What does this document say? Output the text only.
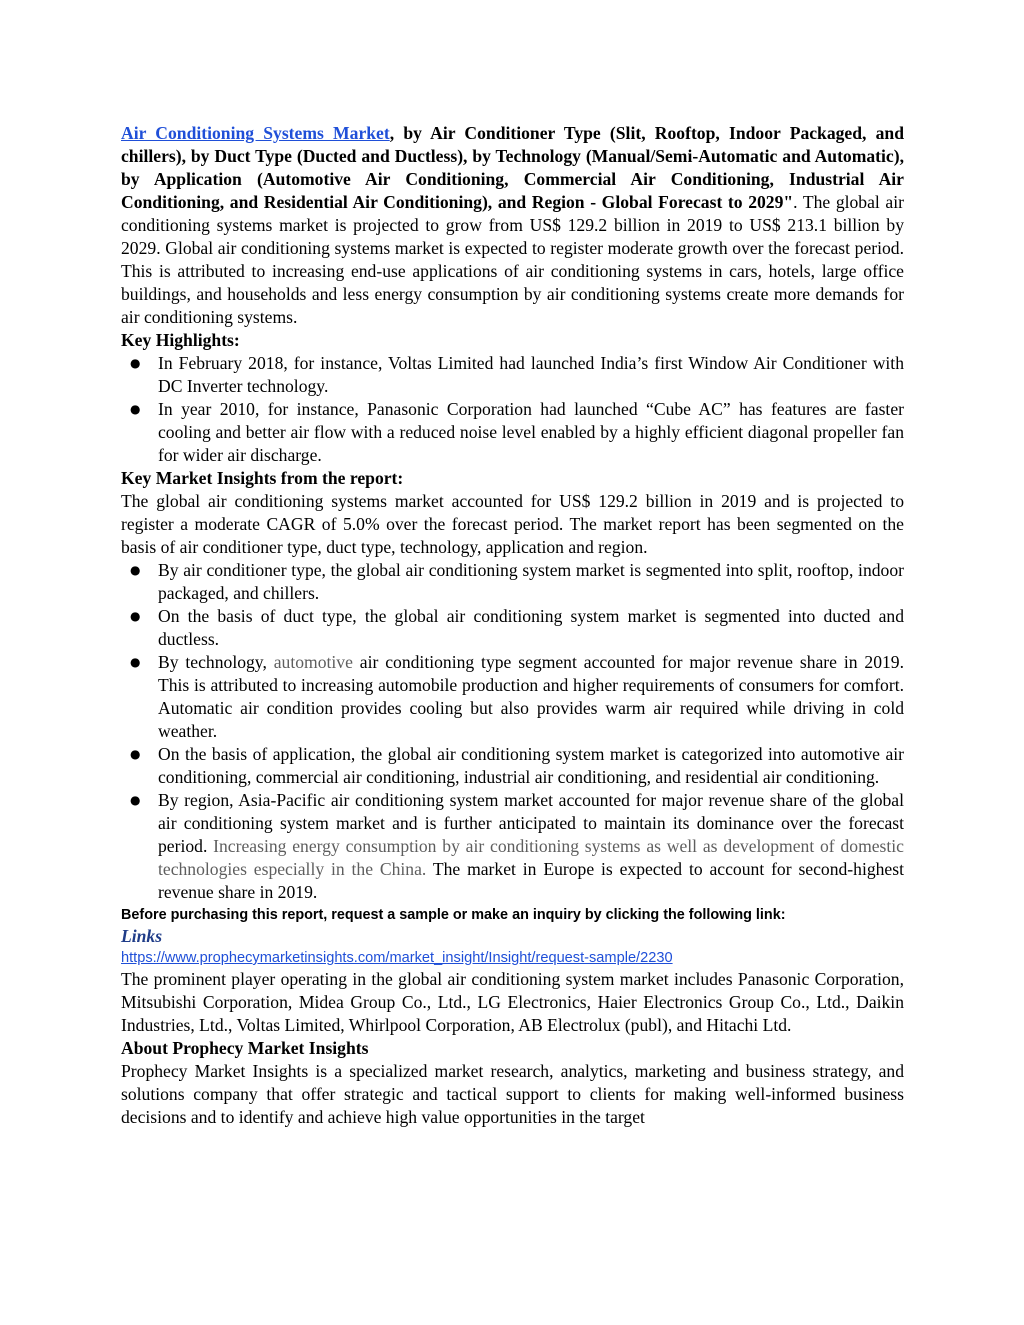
Air Conditioning Systems Market, by Air Conditioner Type (Slit, Rooftop, Indoor Packaged, and chillers), by Duct Type (Ducted and Ductless), by Technology (Manual/Semi-Automatic and Automatic), by Application (Automotive Air Conditioning, Commercial Air Conditioning, Industrial Air Conditioning, and Residential Air Conditioning), and Region - Global Forecast to 2029". The global air conditioning systems market is projected to grow from US$ 129.2 billion in 2019 to US$ 213.1 billion by 2029. Global air conditioning systems market is expected to register moderate growth over the forecast period. This is attributed to increasing end-use applications of air conditioning systems in cars, hotels, large office buildings, and households and less energy consumption by air conditioning systems create more demands for air conditioning systems.

Key Highlights:

● In February 2018, for instance, Voltas Limited had launched India’s first Window Air Conditioner with DC Inverter technology.
● In year 2010, for instance, Panasonic Corporation had launched “Cube AC” has features are faster cooling and better air flow with a reduced noise level enabled by a highly efficient diagonal propeller fan for wider air discharge.

Key Market Insights from the report:

The global air conditioning systems market accounted for US$ 129.2 billion in 2019 and is projected to register a moderate CAGR of 5.0% over the forecast period. The market report has been segmented on the basis of air conditioner type, duct type, technology, application and region.

● By air conditioner type, the global air conditioning system market is segmented into split, rooftop, indoor packaged, and chillers.
● On the basis of duct type, the global air conditioning system market is segmented into ducted and ductless.
● By technology, automotive air conditioning type segment accounted for major revenue share in 2019. This is attributed to increasing automobile production and higher requirements of consumers for comfort. Automatic air condition provides cooling but also provides warm air required while driving in cold weather.
● On the basis of application, the global air conditioning system market is categorized into automotive air conditioning, commercial air conditioning, industrial air conditioning, and residential air conditioning.
● By region, Asia-Pacific air conditioning system market accounted for major revenue share of the global air conditioning system market and is further anticipated to maintain its dominance over the forecast period. Increasing energy consumption by air conditioning systems as well as development of domestic technologies especially in the China. The market in Europe is expected to account for second-highest revenue share in 2019.

Before purchasing this report, request a sample or make an inquiry by clicking the following link:

Links

https://www.prophecymarketinsights.com/market_insight/Insight/request-sample/2230

The prominent player operating in the global air conditioning system market includes Panasonic Corporation, Mitsubishi Corporation, Midea Group Co., Ltd., LG Electronics, Haier Electronics Group Co., Ltd., Daikin Industries, Ltd., Voltas Limited, Whirlpool Corporation, AB Electrolux (publ), and Hitachi Ltd.

About Prophecy Market Insights

Prophecy Market Insights is a specialized market research, analytics, marketing and business strategy, and solutions company that offer strategic and tactical support to clients for making well-informed business decisions and to identify and achieve high value opportunities in the target
